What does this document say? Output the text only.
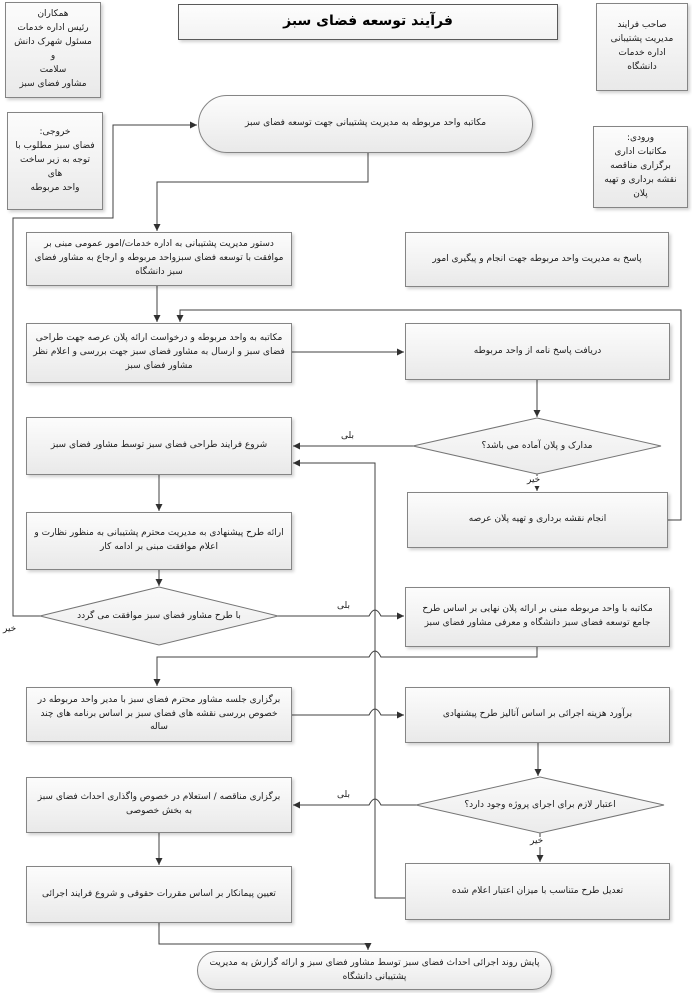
فرآیند توسعه فضای سبز
همکاران
رئیس اداره خدمات
مسئول شهرک دانش و
سلامت
مشاور فضای سبز
صاحب فرایند
مدیریت پشتیبانی
اداره خدمات دانشگاه
خروجی:
فضای سبز مطلوب با
توجه به زیر ساخت های
واحد مربوطه
ورودی:
مکاتبات اداری
برگزاری مناقصه
نقشه برداری و تهیه پلان
مکاتبه واحد مربوطه به مدیریت پشتیبانی جهت توسعه فضای سبز
دستور مدیریت پشتیبانی به اداره خدمات/امور عمومی مبنی بر موافقت با توسعه فضای سبزواحد مربوطه و ارجاع به مشاور فضای سبز دانشگاه
پاسخ به مدیریت واحد مربوطه جهت انجام و پیگیری امور
مکاتبه به واحد مربوطه و درخواست ارائه پلان عرصه جهت طراحی فضای سبز و ارسال به مشاور فضای سبز جهت بررسی و اعلام نظر مشاور فضای سبز
دریافت پاسخ نامه از واحد مربوطه
مدارک و پلان آماده می باشد؟
شروع فرایند طراحی فضای سبز توسط مشاور فضای سبز
انجام نقشه برداری و تهیه پلان عرصه
ارائه طرح پیشنهادی به مدیریت محترم پشتیبانی به منظور نظارت و اعلام موافقت مبنی بر ادامه کار
با طرح مشاور فضای سبز موافقت می گردد
مکاتبه با واحد مربوطه مبنی بر ارائه پلان نهایی بر اساس طرح جامع توسعه فضای سبز دانشگاه و معرفی مشاور فضای سبز
برگزاری جلسه مشاور محترم فضای سبز با مدیر واحد مربوطه در خصوص بررسی نقشه های فضای سبز بر اساس برنامه های چند ساله
برآورد هزینه اجرائی بر اساس آنالیز طرح پیشنهادی
اعتبار لازم برای اجرای پروژه وجود دارد؟
برگزاری مناقصه / استعلام در خصوص واگذاری احداث فضای سبز به بخش خصوصی
تعدیل طرح متناسب با میزان اعتبار اعلام شده
تعیین پیمانکار بر اساس مقررات حقوقی و شروع فرایند اجرائی
پایش روند اجرائی احداث فضای سبز توسط مشاور فضای سبز و ارائه گزارش به مدیریت پشتیبانی دانشگاه
بلی
خیر
بلی
خیر
بلی
خیر
